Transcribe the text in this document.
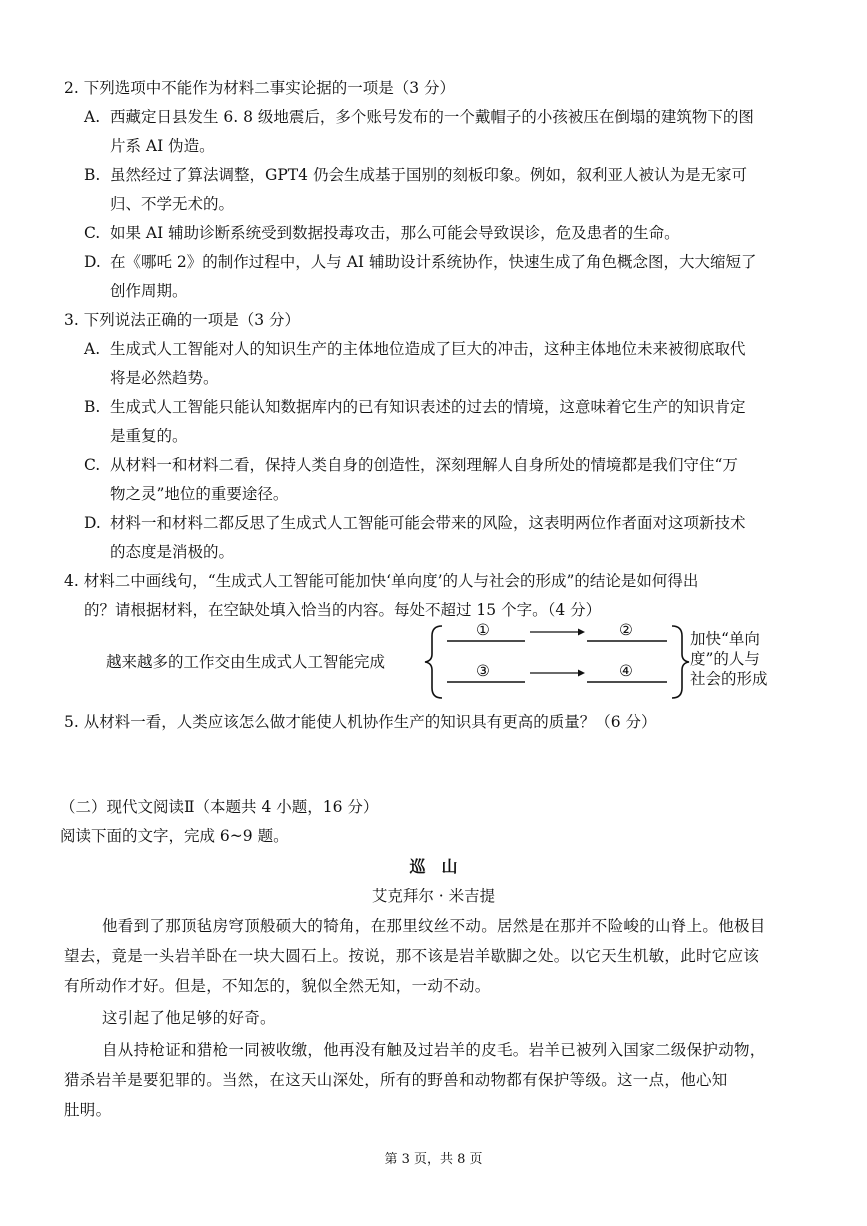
2. 下列选项中不能作为材料二事实论据的一项是（3 分）
A. 西藏定日县发生 6. 8 级地震后，多个账号发布的一个戴帽子的小孩被压在倒塌的建筑物下的图
片系 AI 伪造。
B. 虽然经过了算法调整，GPT4 仍会生成基于国别的刻板印象。例如，叙利亚人被认为是无家可
归、不学无术的。
C. 如果 AI 辅助诊断系统受到数据投毒攻击，那么可能会导致误诊，危及患者的生命。
D. 在《哪吒 2》的制作过程中，人与 AI 辅助设计系统协作，快速生成了角色概念图，大大缩短了
创作周期。
3. 下列说法正确的一项是（3 分）
A. 生成式人工智能对人的知识生产的主体地位造成了巨大的冲击，这种主体地位未来被彻底取代
将是必然趋势。
B. 生成式人工智能只能认知数据库内的已有知识表述的过去的情境，这意味着它生产的知识肯定
是重复的。
C. 从材料一和材料二看，保持人类自身的创造性，深刻理解人自身所处的情境都是我们守住“万
物之灵”地位的重要途径。
D. 材料一和材料二都反思了生成式人工智能可能会带来的风险，这表明两位作者面对这项新技术
的态度是消极的。
4. 材料二中画线句，“生成式人工智能可能加快‘单向度’的人与社会的形成”的结论是如何得出
的？请根据材料，在空缺处填入恰当的内容。每处不超过 15 个字。（4 分）
越来越多的工作交由生成式人工智能完成
①	②
③	④
加快“单向
度”的人与
社会的形成
5. 从材料一看，人类应该怎么做才能使人机协作生产的知识具有更高的质量？（6 分）
（二）现代文阅读Ⅱ（本题共 4 小题，16 分）
阅读下面的文字，完成 6~9 题。
巡　山
艾克拜尔 · 米吉提
他看到了那顶毡房穹顶般硕大的犄角，在那里纹丝不动。居然是在那并不险峻的山脊上。他极目
望去，竟是一头岩羊卧在一块大圆石上。按说，那不该是岩羊歇脚之处。以它天生机敏，此时它应该
有所动作才好。但是，不知怎的，貌似全然无知，一动不动。
这引起了他足够的好奇。
自从持枪证和猎枪一同被收缴，他再没有触及过岩羊的皮毛。岩羊已被列入国家二级保护动物，
猎杀岩羊是要犯罪的。当然，在这天山深处，所有的野兽和动物都有保护等级。这一点，他心知
肚明。
第 3 页，共 8 页
